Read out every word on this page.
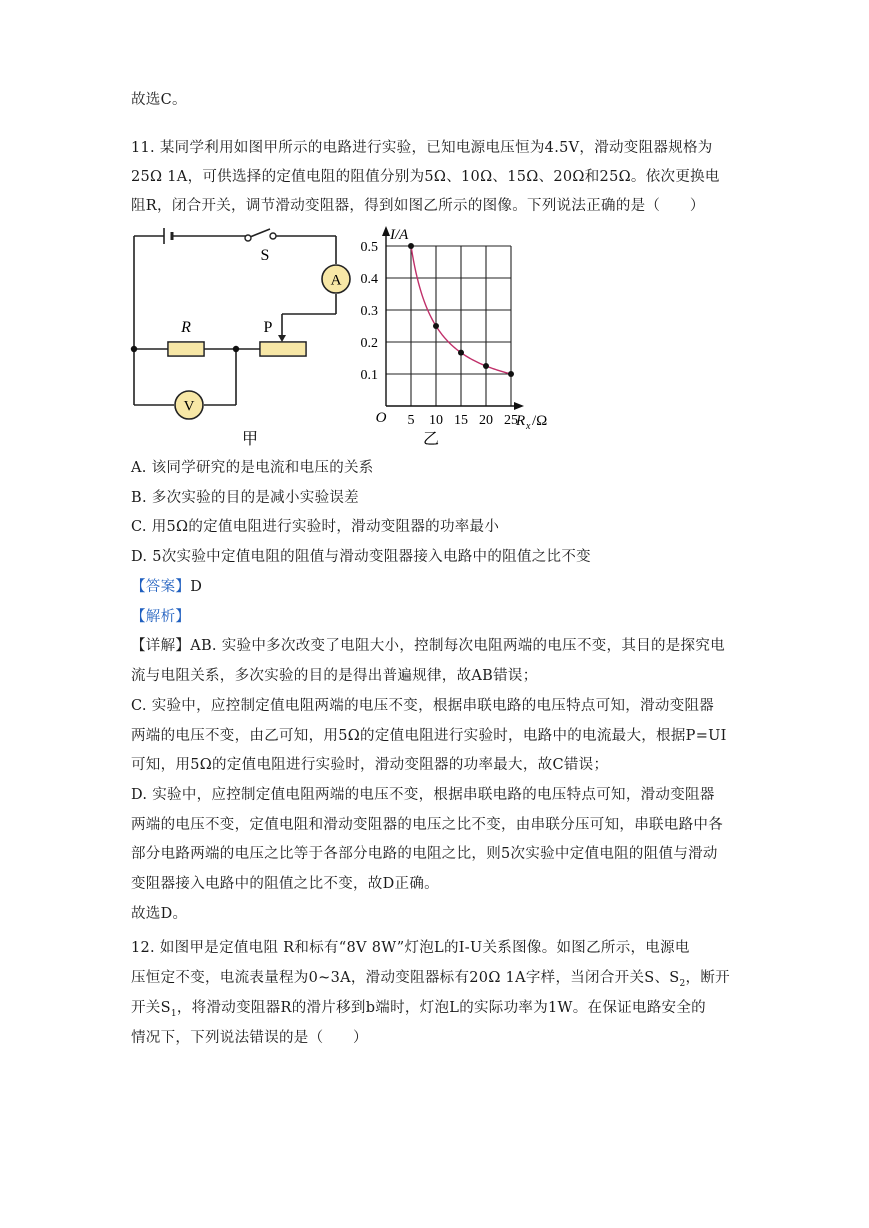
故选C。
11. 某同学利用如图甲所示的电路进行实验，已知电源电压恒为4.5V，滑动变阻器规格为
25Ω 1A，可供选择的定值电阻的阻值分别为5Ω、10Ω、15Ω、20Ω和25Ω。依次更换电
阻R，闭合开关，调节滑动变阻器，得到如图乙所示的图像。下列说法正确的是（　　）
S
A
R	P
V
甲	乙
O
I/A
R x /Ω
5 10 15 20 25
0.1
0.2
0.3
0.4
0.5
A. 该同学研究的是电流和电压的关系
B. 多次实验的目的是减小实验误差
C. 用5Ω的定值电阻进行实验时，滑动变阻器的功率最小
D. 5次实验中定值电阻的阻值与滑动变阻器接入电路中的阻值之比不变
【答案】D
【解析】
【详解】AB. 实验中多次改变了电阻大小，控制每次电阻两端的电压不变，其目的是探究电
流与电阻关系，多次实验的目的是得出普遍规律，故AB错误；
C. 实验中，应控制定值电阻两端的电压不变，根据串联电路的电压特点可知，滑动变阻器
两端的电压不变，由乙可知，用5Ω的定值电阻进行实验时，电路中的电流最大，根据P=UI
可知，用5Ω的定值电阻进行实验时，滑动变阻器的功率最大，故C错误；
D. 实验中，应控制定值电阻两端的电压不变，根据串联电路的电压特点可知，滑动变阻器
两端的电压不变，定值电阻和滑动变阻器的电压之比不变，由串联分压可知，串联电路中各
部分电路两端的电压之比等于各部分电路的电阻之比，则5次实验中定值电阻的阻值与滑动
变阻器接入电路中的阻值之比不变，故D正确。
故选D。
12. 如图甲是定值电阻 R和标有“8V 8W”灯泡L的I-U关系图像。如图乙所示，电源电
压恒定不变，电流表量程为0~3A，滑动变阻器标有20Ω 1A字样，当闭合开关S、$S_2$，断开
开关$S_1$，将滑动变阻器R的滑片移到b端时，灯泡L的实际功率为1W。在保证电路安全的
情况下，下列说法错误的是（　　）
